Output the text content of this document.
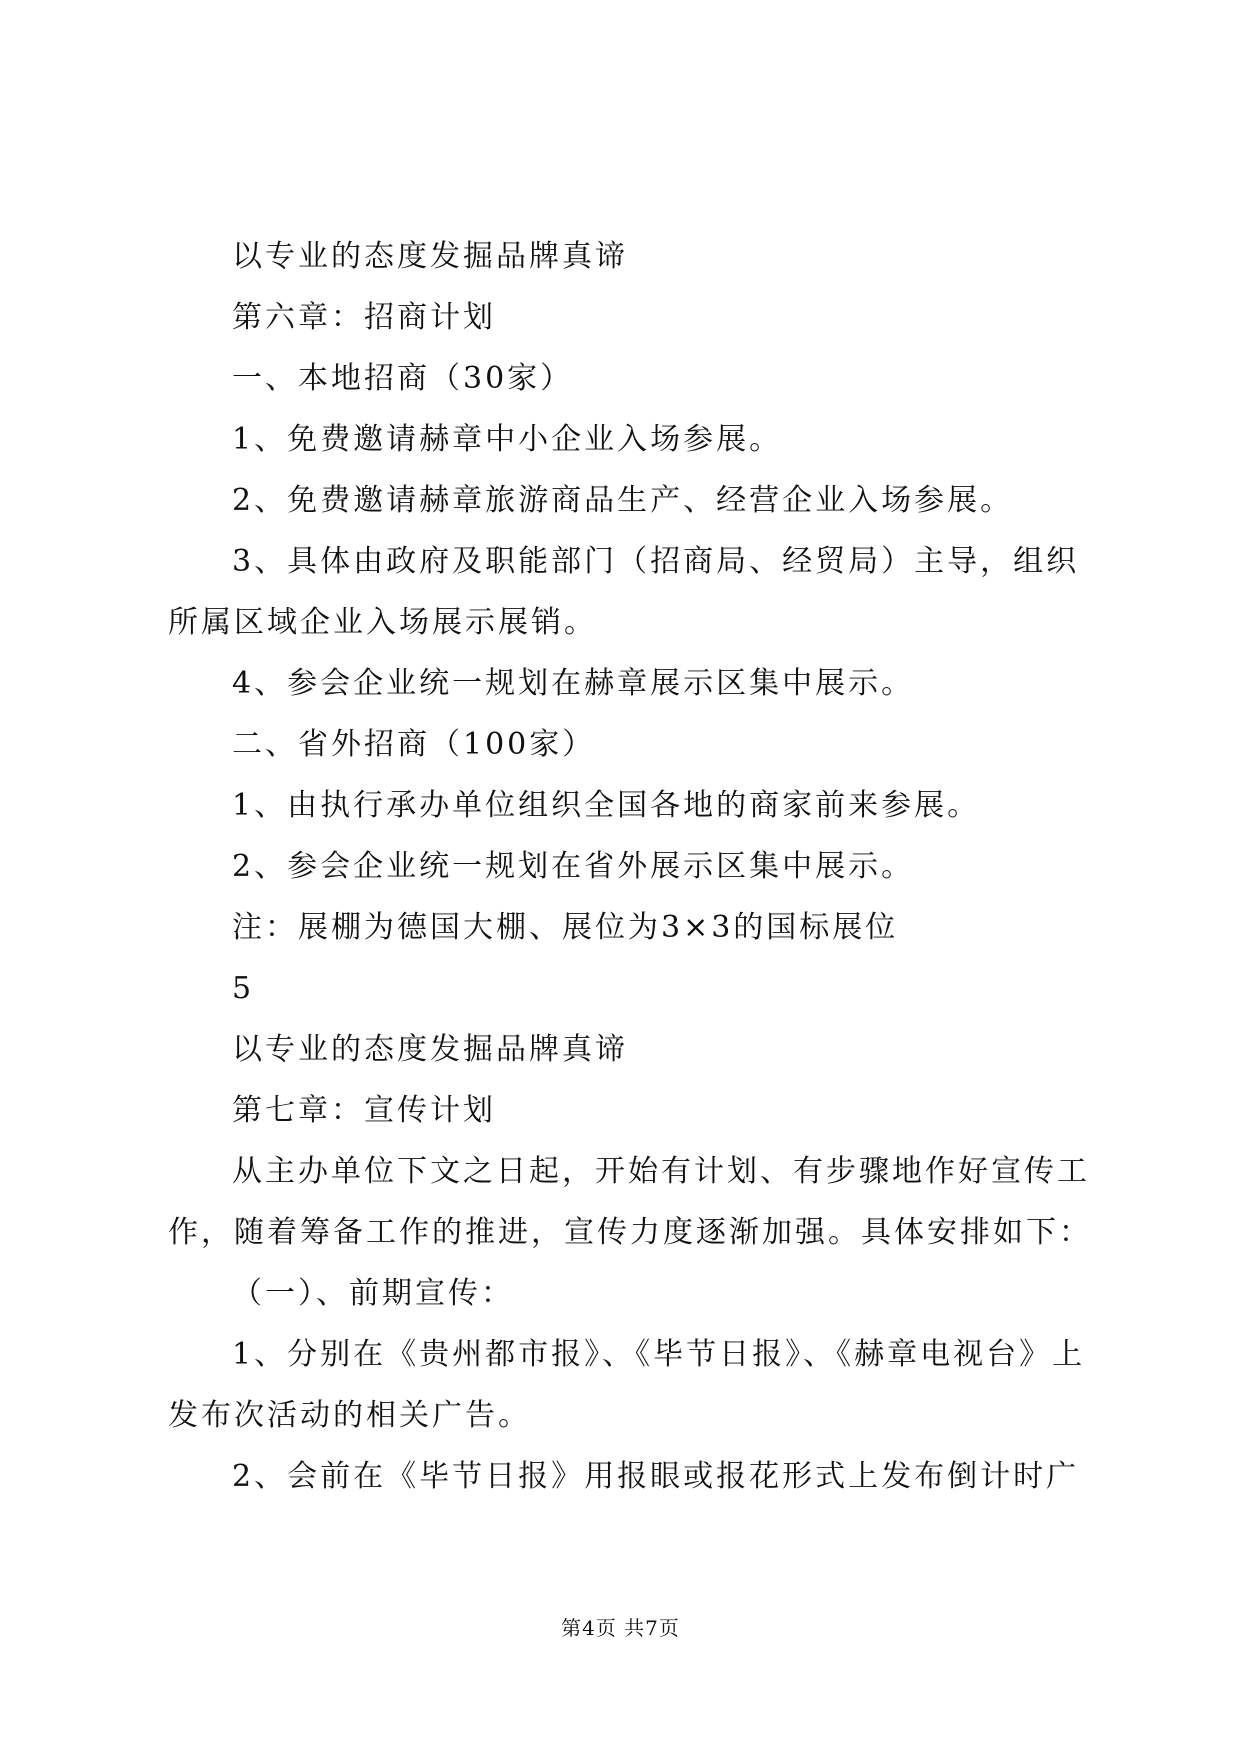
以专业的态度发掘品牌真谛
第六章：招商计划
一、本地招商（30家）
1、免费邀请赫章中小企业入场参展。
2、免费邀请赫章旅游商品生产、经营企业入场参展。
3、具体由政府及职能部门（招商局、经贸局）主导，组织
所属区域企业入场展示展销。
4、参会企业统一规划在赫章展示区集中展示。
二、省外招商（100家）
1、由执行承办单位组织全国各地的商家前来参展。
2、参会企业统一规划在省外展示区集中展示。
注：展棚为德国大棚、展位为3×3的国标展位
5
以专业的态度发掘品牌真谛
第七章：宣传计划
从主办单位下文之日起，开始有计划、有步骤地作好宣传工
作，随着筹备工作的推进，宣传力度逐渐加强。具体安排如下：
（一）、前期宣传：
1、分别在《贵州都市报》、《毕节日报》、《赫章电视台》上
发布次活动的相关广告。
2、会前在《毕节日报》用报眼或报花形式上发布倒计时广
第4页 共7页
